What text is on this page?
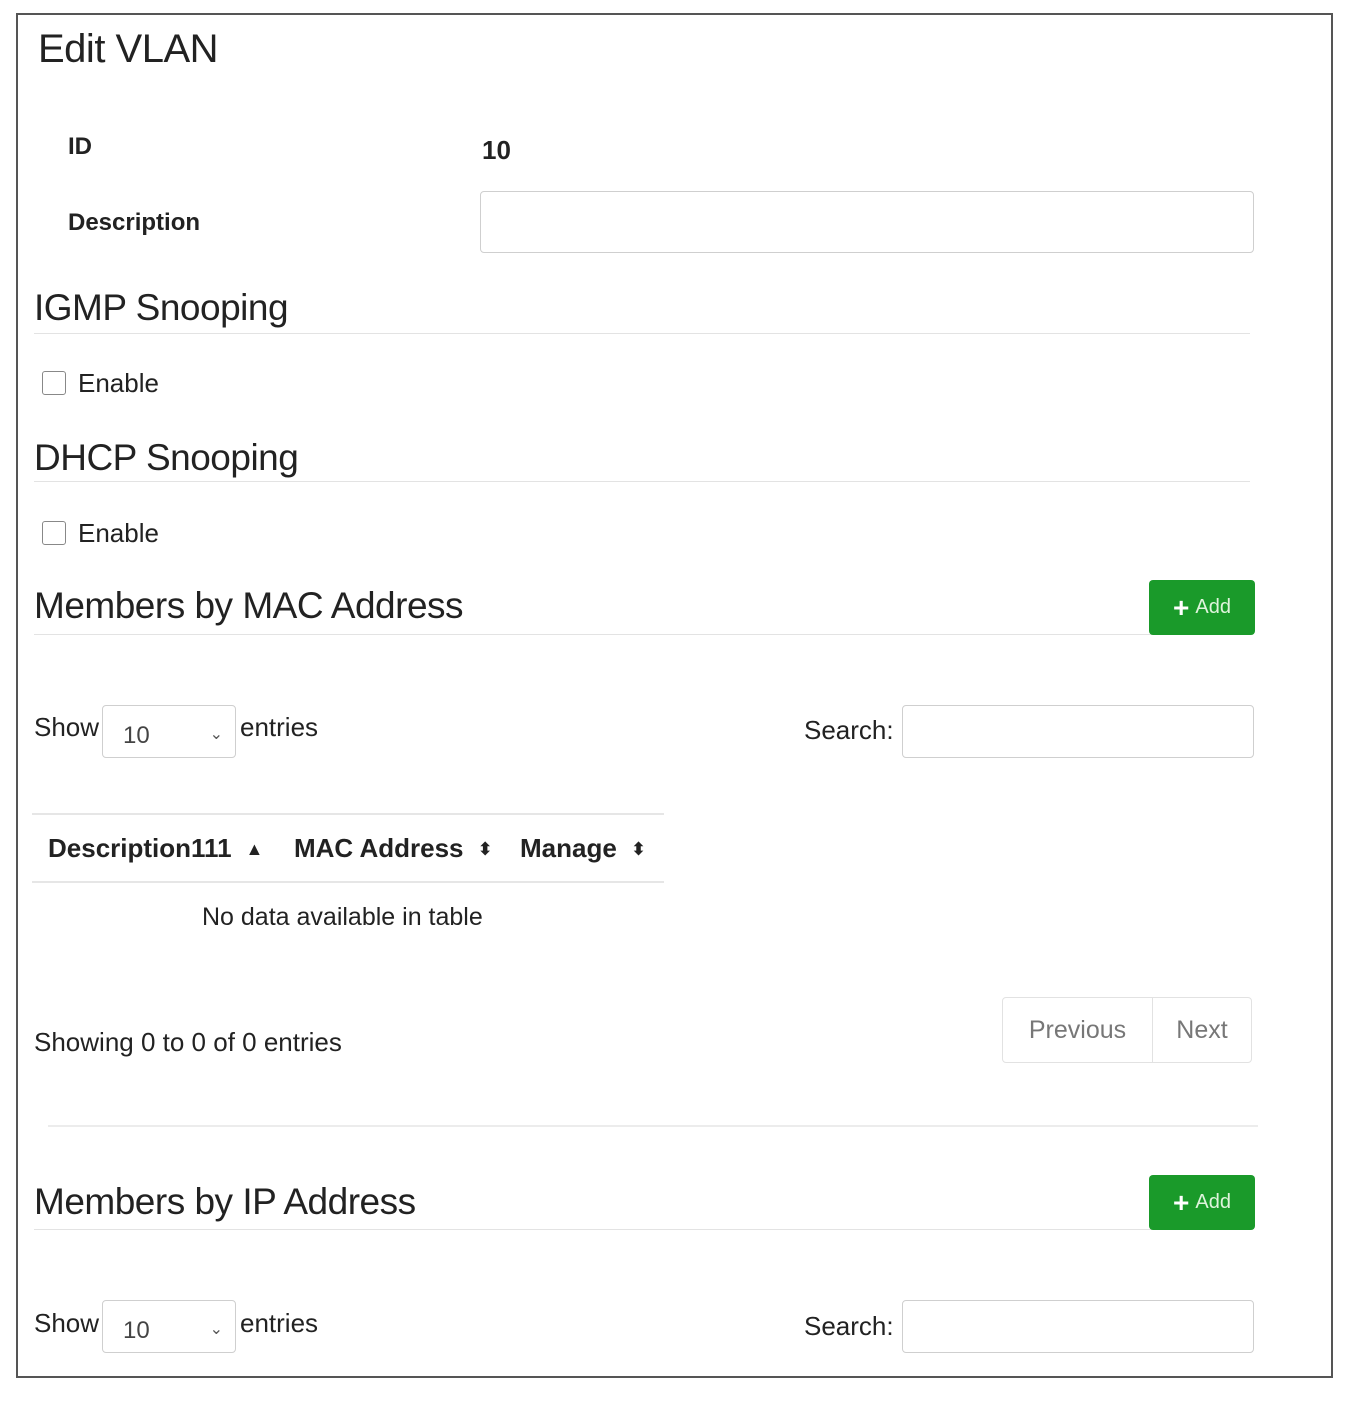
Edit VLAN
ID	10
Description
IGMP Snooping
Enable
DHCP Snooping
Enable
Members by MAC Address	+ Add
Show 10	⌄ entries	Search:
Description111 ▲ MAC Address ⬍ Manage ⬍
No data available in table
Showing 0 to 0 of 0 entries	Previous	Next
Members by IP Address	+ Add
Show 10	⌄ entries	Search:
